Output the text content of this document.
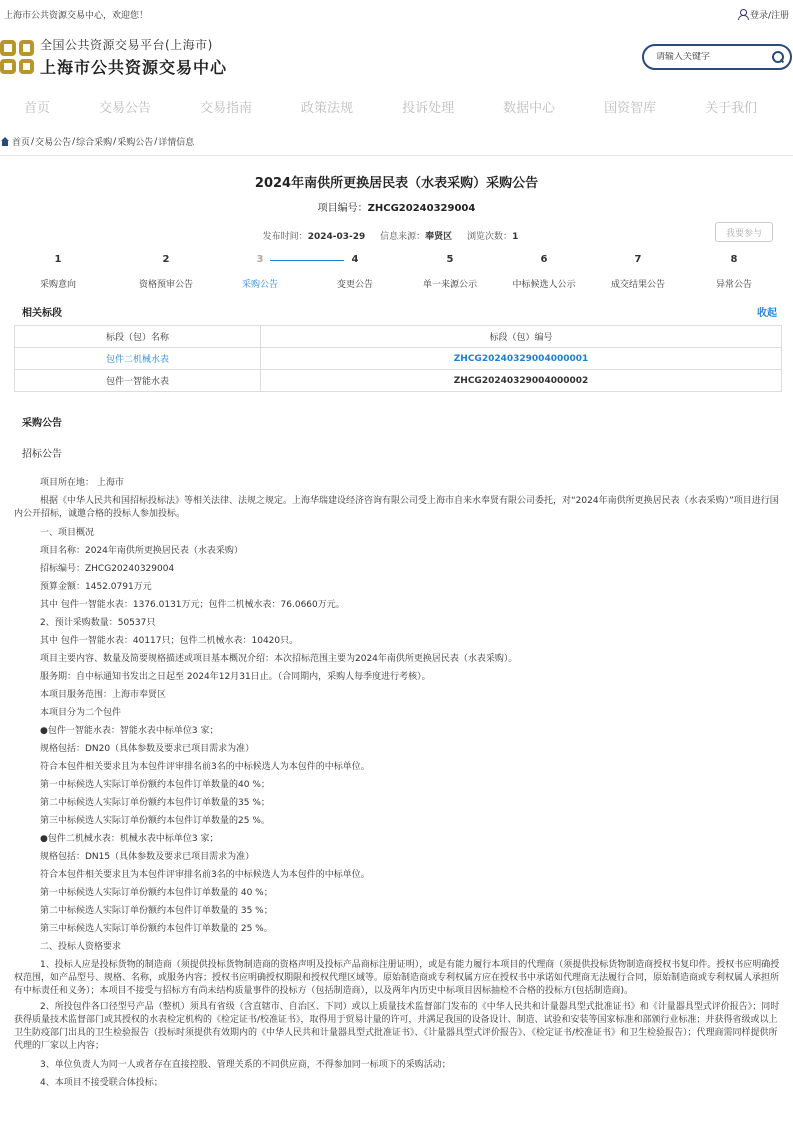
上海市公共资源交易中心，欢迎您！	登录/注册
全国公共资源交易平台(上海市)
上海市公共资源交易中心
请输入关键字
首页	交易公告	交易指南	政策法规	投诉处理	数据中心	国资智库	关于我们
首页 / 交易公告 / 综合采购 / 采购公告 / 详情信息
2024年南供所更换居民表（水表采购）采购公告
项目编号：ZHCG20240329004
发布时间：2024-03-29 信息来源：奉贤区 浏览次数：1	我要参与
1
采购意向
2
资格预审公告
3
采购公告
4
变更公告
5
单一来源公示
6
中标候选人公示
7
成交结果公告
8
异常公告
相关标段	收起
标段（包）名称	标段（包）编号
包件二机械水表	ZHCG20240329004000001
包件一智能水表	ZHCG20240329004000002
采购公告
招标公告

项目所在地： 上海市

根据《中华人民共和国招标投标法》等相关法律、法规之规定。上海华瑞建设经济咨询有限公司受上海市自来水奉贤有限公司委托，对“2024年南供所更换居民表（水表采购）”项目进行国内公开招标，诚邀合格的投标人参加投标。

一、项目概况

项目名称：2024年南供所更换居民表（水表采购）

招标编号：ZHCG20240329004

预算金额：1452.0791万元

其中 包件一智能水表：1376.0131万元；包件二机械水表：76.0660万元。

2、预计采购数量：50537只

其中 包件一智能水表：40117只；包件二机械水表：10420只。

项目主要内容、数量及简要规格描述或项目基本概况介绍：本次招标范围主要为2024年南供所更换居民表（水表采购）。

服务期：自中标通知书发出之日起至 2024年12月31日止。（合同期内，采购人每季度进行考核）。

本项目服务范围：上海市奉贤区

本项目分为二个包件

●包件一智能水表：智能水表中标单位3 家；

规格包括：DN20（具体参数及要求已项目需求为准）

符合本包件相关要求且为本包件评审排名前3名的中标候选人为本包件的中标单位。

第一中标候选人实际订单份额约本包件订单数量的40 %；

第二中标候选人实际订单份额约本包件订单数量的35 %；

第三中标候选人实际订单份额约本包件订单数量的25 %。

●包件二机械水表：机械水表中标单位3 家；

规格包括：DN15（具体参数及要求已项目需求为准）

符合本包件相关要求且为本包件评审排名前3名的中标候选人为本包件的中标单位。

第一中标候选人实际订单份额约本包件订单数量的 40 %；

第二中标候选人实际订单份额约本包件订单数量的 35 %；

第三中标候选人实际订单份额约本包件订单数量的 25 %。

二、投标人资格要求

1、投标人应是投标货物的制造商（须提供投标货物制造商的资格声明及投标产品商标注册证明），或是有能力履行本项目的代理商（须提供投标货物制造商授权书复印件。授权书应明确授权范围，如产品型号、规格、名称，或服务内容；授权书应明确授权期限和授权代理区域等。原始制造商或专利权属方应在授权书中承诺如代理商无法履行合同，原始制造商或专利权属人承担所有中标责任和义务）；本项目不接受与招标方有尚未结构质量事件的投标方（包括制造商），以及两年内历史中标项目因标抽检不合格的投标方(包括制造商)。

2、所投包件各口径型号产品（整机）须具有省级（含直辖市、自治区、下同）或以上质量技术监督部门发布的《中华人民共和计量器具型式批准证书》和《计量器具型式评价报告》；同时获得质量技术监督部门或其授权的水表检定机构的《检定证书/校准证书》，取得用于贸易计量的许可，并满足我国的设备设计、制造、试验和安装等国家标准和部颁行业标准；并获得省级或以上卫生防疫部门出具的卫生检验报告（投标时须提供有效期内的《中华人民共和计量器具型式批准证书》、《计量器具型式评价报告》、《检定证书/校准证书》和卫生检验报告）；代理商需同样提供所代理的厂家以上内容；

3、单位负责人为同一人或者存在直接控股、管理关系的不同供应商，不得参加同一标项下的采购活动；

4、本项目不接受联合体投标；
